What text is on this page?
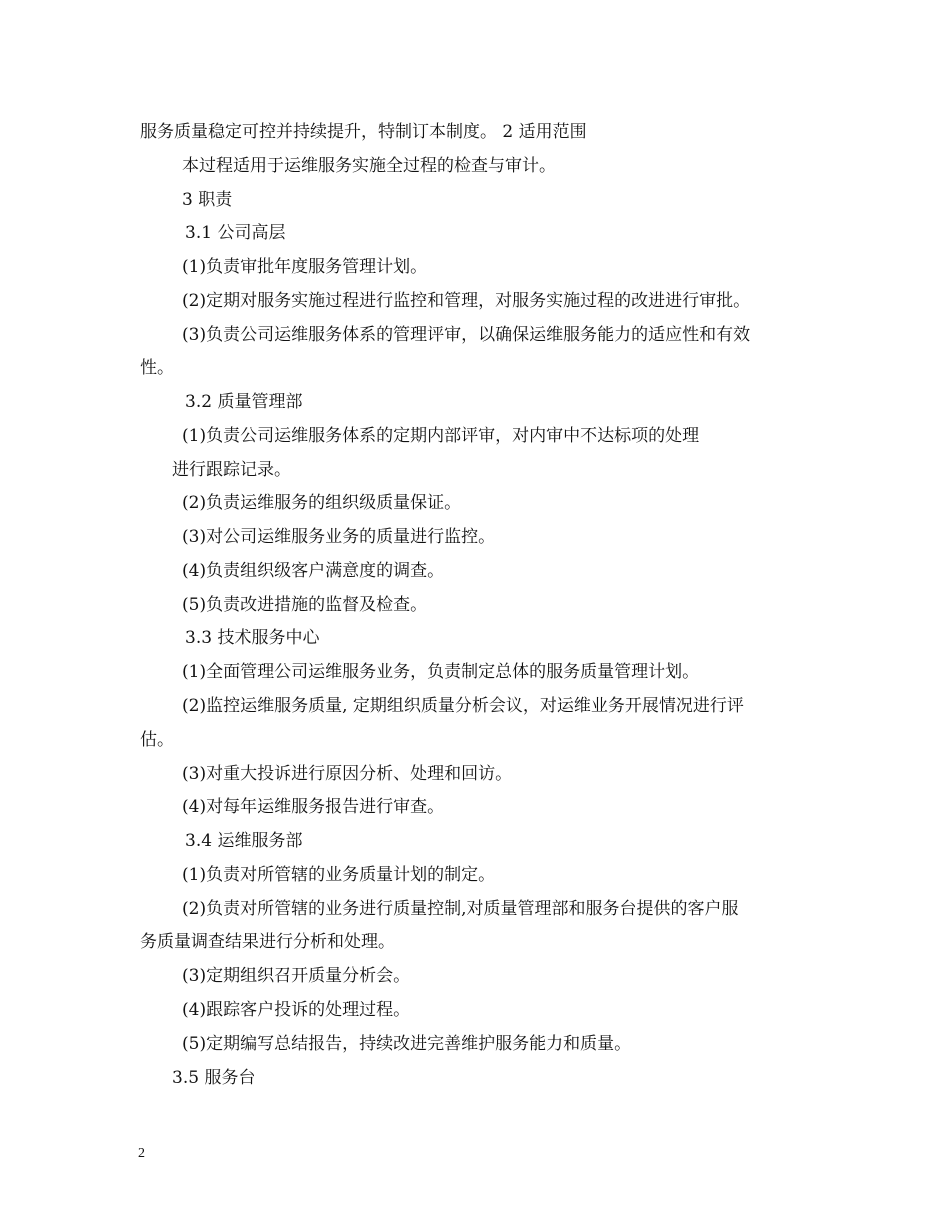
服务质量稳定可控并持续提升，特制订本制度。 2 适用范围
本过程适用于运维服务实施全过程的检查与审计。
3 职责
3.1 公司高层
(1)负责审批年度服务管理计划。
(2)定期对服务实施过程进行监控和管理，对服务实施过程的改进进行审批。
(3)负责公司运维服务体系的管理评审，以确保运维服务能力的适应性和有效
性。
3.2 质量管理部
(1)负责公司运维服务体系的定期内部评审，对内审中不达标项的处理
进行跟踪记录。
(2)负责运维服务的组织级质量保证。
(3)对公司运维服务业务的质量进行监控。
(4)负责组织级客户满意度的调查。
(5)负责改进措施的监督及检查。
3.3 技术服务中心
(1)全面管理公司运维服务业务，负责制定总体的服务质量管理计划。
(2)监控运维服务质量, 定期组织质量分析会议，对运维业务开展情况进行评
估。
(3)对重大投诉进行原因分析、处理和回访。
(4)对每年运维服务报告进行审查。
3.4 运维服务部
(1)负责对所管辖的业务质量计划的制定。
(2)负责对所管辖的业务进行质量控制,对质量管理部和服务台提供的客户服
务质量调查结果进行分析和处理。
(3)定期组织召开质量分析会。
(4)跟踪客户投诉的处理过程。
(5)定期编写总结报告，持续改进完善维护服务能力和质量。
3.5 服务台
2
